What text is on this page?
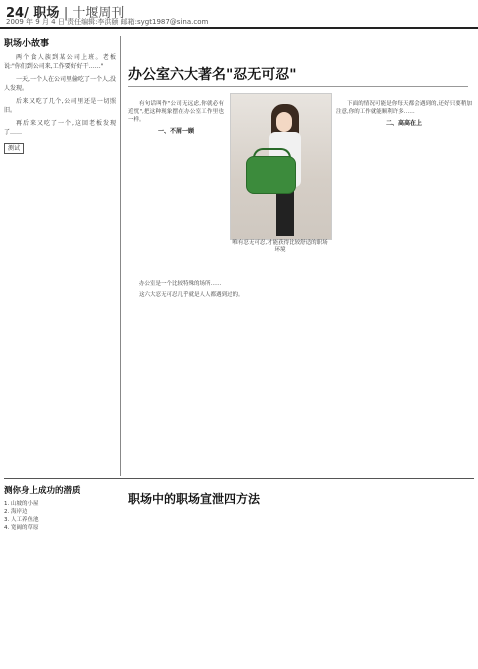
24/ 职场 | 十堰周刊
2009 年 9 月 4 日 责任编辑:李洪颐 邮箱:sygt1987@sina.com
职场小故事

两个食人族到某公司上班。老板说:"你们到公司来,工作要好好干……"

一天,一个人在公司里偷吃了一个人,没人发现。

后来又吃了几个,公司里还是一切照旧。

再后来又吃了一个,这回老板发现了……

测试
办公室六大著名"忍无可忍"

有句话叫作"公司无远虑,你就必有近忧",把这种现象摆在办公室工作里也一样。

一、不屑一顾
唯有忍无可忍,才能获得比较舒适的职场环境

下面的情况可能是你每天都会遇到的,还好只要稍加注意,你的工作就能顺利许多……

二、高高在上

办公室是一个比较特殊的场所……

这六大忍无可忍几乎就是人人都遇到过的。

测你身上成功的潜质
1. 山坡的小屋
2. 海岸边
3. 人工养鱼池
4. 宽阔的草原
职场中的职场宣泄四方法
